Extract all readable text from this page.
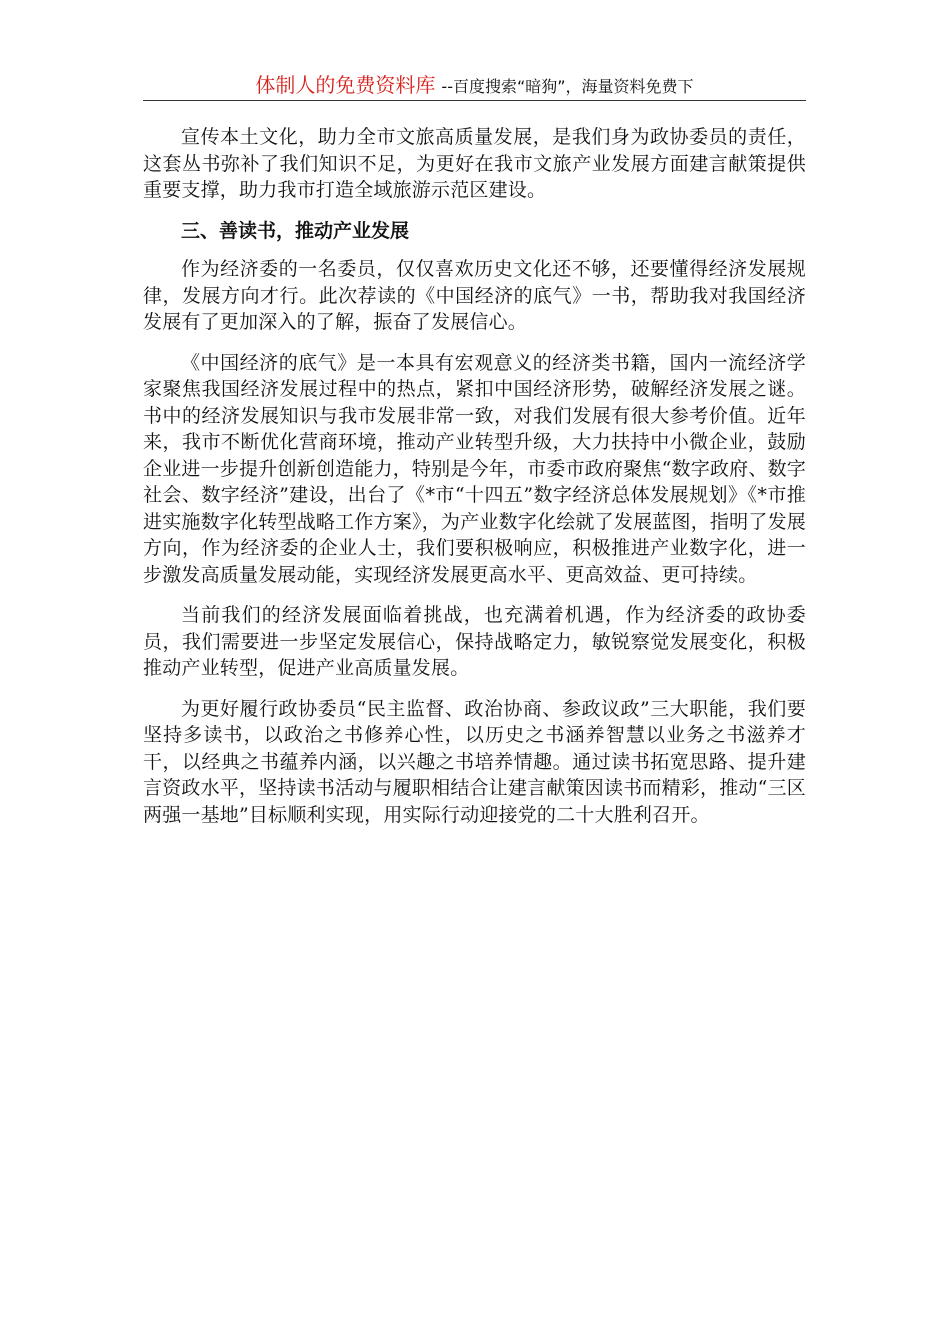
体制人的免费资料库 --百度搜索“暗狗”，海量资料免费下

宣传本土文化，助力全市文旅高质量发展，是我们身为政协委员的责任，这套丛书弥补了我们知识不足，为更好在我市文旅产业发展方面建言献策提供重要支撑，助力我市打造全域旅游示范区建设。

三、善读书，推动产业发展

作为经济委的一名委员，仅仅喜欢历史文化还不够，还要懂得经济发展规律，发展方向才行。此次荐读的《中国经济的底气》一书，帮助我对我国经济发展有了更加深入的了解，振奋了发展信心。

《中国经济的底气》是一本具有宏观意义的经济类书籍，国内一流经济学家聚焦我国经济发展过程中的热点，紧扣中国经济形势，破解经济发展之谜。书中的经济发展知识与我市发展非常一致，对我们发展有很大参考价值。近年来，我市不断优化营商环境，推动产业转型升级，大力扶持中小微企业，鼓励企业进一步提升创新创造能力，特别是今年，市委市政府聚焦“数字政府、数字社会、数字经济”建设，出台了《*市“十四五”数字经济总体发展规划》《*市推进实施数字化转型战略工作方案》，为产业数字化绘就了发展蓝图，指明了发展方向，作为经济委的企业人士，我们要积极响应，积极推进产业数字化，进一步激发高质量发展动能，实现经济发展更高水平、更高效益、更可持续。

当前我们的经济发展面临着挑战，也充满着机遇，作为经济委的政协委员，我们需要进一步坚定发展信心，保持战略定力，敏锐察觉发展变化，积极推动产业转型，促进产业高质量发展。

为更好履行政协委员“民主监督、政治协商、参政议政”三大职能，我们要坚持多读书，以政治之书修养心性，以历史之书涵养智慧以业务之书滋养才干，以经典之书蕴养内涵，以兴趣之书培养情趣。通过读书拓宽思路、提升建言资政水平，坚持读书活动与履职相结合让建言献策因读书而精彩，推动“三区两强一基地”目标顺利实现，用实际行动迎接党的二十大胜利召开。
